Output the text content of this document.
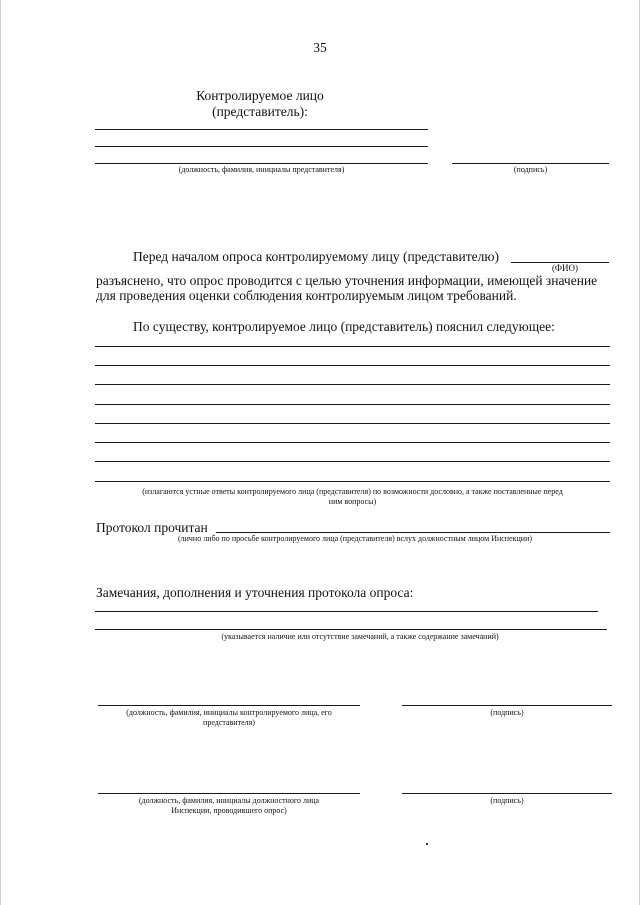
35
Контролируемое лицо
(представитель):
(должность, фамилия, инициалы представителя)	(подпись)
Перед началом опроса контролируемому лицу (представителю)
(ФИО)
разъяснено, что опрос проводится с целью уточнения информации, имеющей значение
для проведения оценки соблюдения контролируемым лицом требований.
По существу, контролируемое лицо (представитель) пояснил следующее:
(излагаются устные ответы контролируемого лица (представителя) по возможности дословно, а также поставленные перед
ним вопросы)
Протокол прочитан
(лично либо по просьбе контролируемого лица (представителя) вслух должностным лицом Инспекции)
Замечания, дополнения и уточнения протокола опроса:
(указывается наличие или отсутствие замечаний, а также содержание замечаний)
(должность, фамилия, инициалы контролируемого лица, его
представителя)
(подпись)
(должность, фамилия, инициалы должностного лица
Инспекции, проводившего опрос)
(подпись)
